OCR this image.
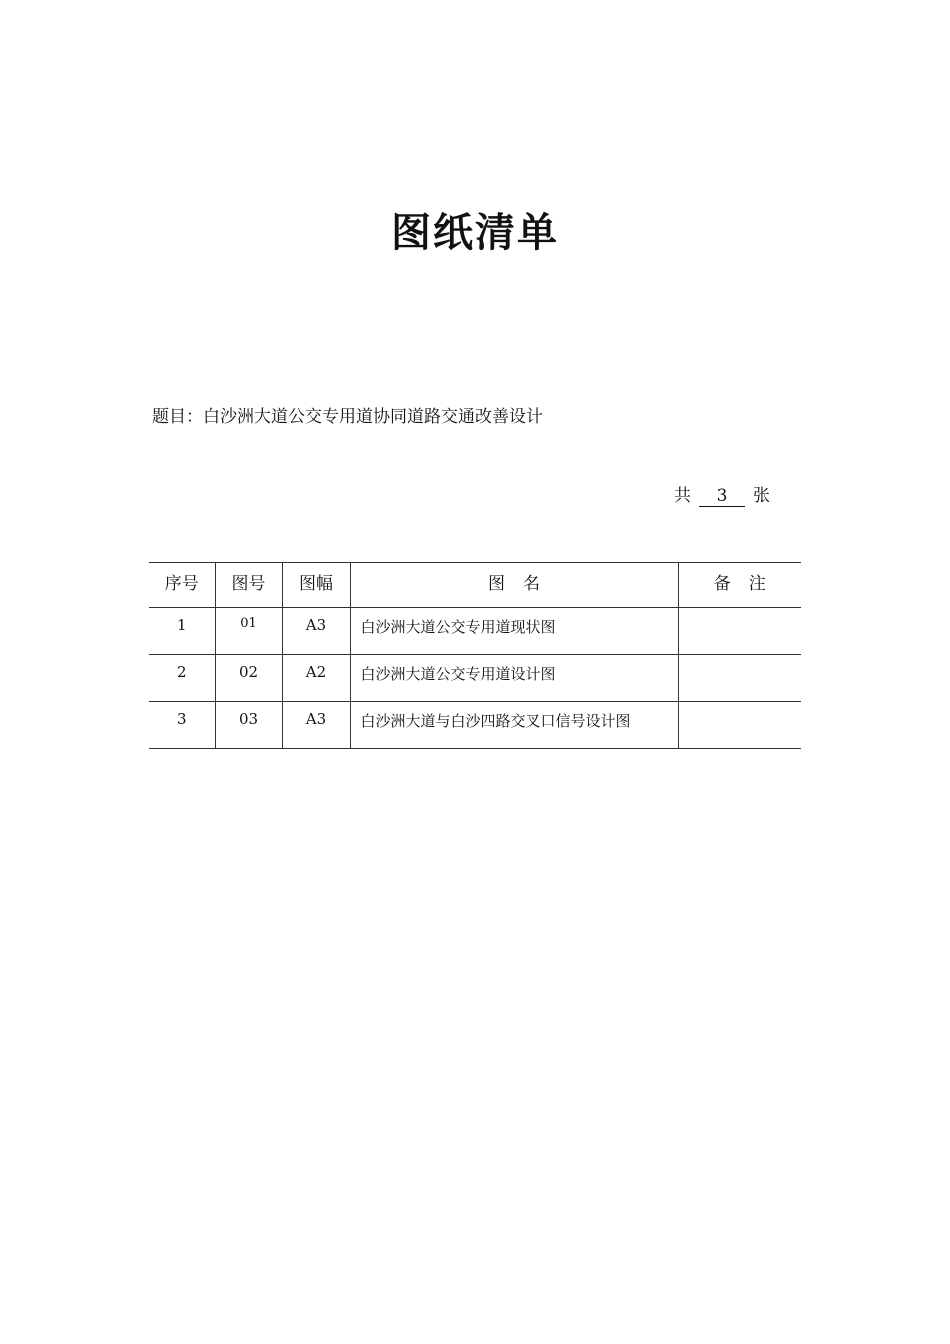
图纸清单
题目：白沙洲大道公交专用道协同道路交通改善设计
共 3 张
序号	图号	图幅	图名	备注
1	01	A3	白沙洲大道公交专用道现状图	
2	02	A2	白沙洲大道公交专用道设计图	
3	03	A3	白沙洲大道与白沙四路交叉口信号设计图	
